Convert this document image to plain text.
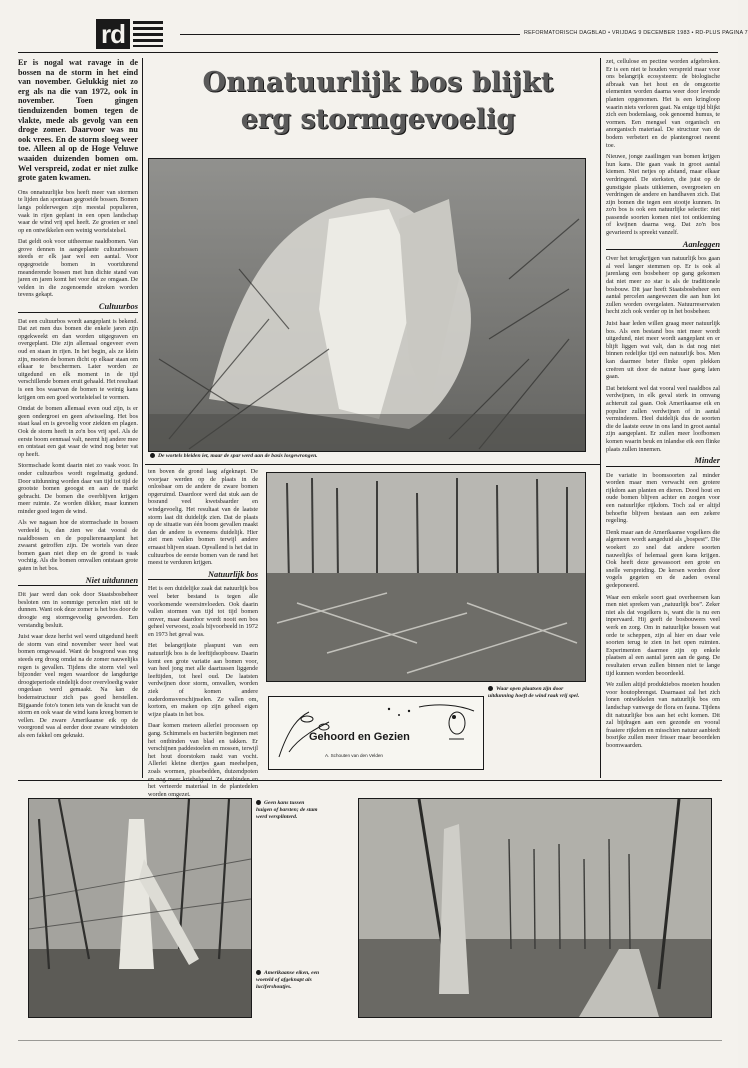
rd	REFORMATORISCH DAGBLAD • VRIJDAG 9 DECEMBER 1983 • RD-PLUS PAGINA 7
Er is nogal wat ravage in de bossen na de storm in het eind van november. Gelukkig niet zo erg als na die van 1972, ook in november. Toen gingen tienduizenden bomen tegen de vlakte, mede als gevolg van een droge zomer. Daarvoor was nu ook vrees. En de storm sloeg weer toe. Alleen al op de Hoge Veluwe waaiden duizenden bomen om. Wel verspreid, zodat er niet zulke grote gaten kwamen.

Ons onnatuurlijke bos heeft meer van stormen te lijden dan spontaan gegroeide bossen. Bomen langs polderwegen zijn meestal populieren, vaak in rijen geplant in een open landschap waar de wind vrij spel heeft. Ze groeien er snel op en ontwikkelen een weinig wortelstelsel.

Dat geldt ook voor uitheemse naaldbomen. Van grove dennen in aangeplante cultuurbossen steeds er elk jaar wel een aantal. Voor opgegroeide bomen in voortdurend meanderende bossen met hun dichte stand van jaren en jaren komt het voor dat ze omgaan. De velden in die zogenoemde streken worden tevens gekapt.

Cultuurbos

Dat een cultuurbos wordt aangeplant is bekend. Dat zet men dus bomen die enkele jaren zijn opgekweekt en dan worden uitgegraven en overgeplant. Die zijn allemaal ongeveer even oud en staan in rijen. In het begin, als ze klein zijn, moeten de bomen dicht op elkaar staan om elkaar te beschermen. Later worden ze uitgedund en elk moment in de tijd verschillende bomen eruit gehaald. Het resultaat is een bos waarvan de bomen te weinig kans krijgen om een goed wortelstelsel te vormen.

Omdat de bomen allemaal even oud zijn, is er geen ondergroei en geen afwisseling. Het bos staat kaal en is gevoelig voor ziekten en plagen. Ook de storm heeft in zo'n bos vrij spel. Als de eerste boom eenmaal valt, neemt hij andere mee en ontstaat een gat waar de wind nog beter vat op heeft.

Stormschade komt daarin niet zo vaak voor. In onder cultuurbos wordt regelmatig gedund. Door uitdunning worden daar van tijd tot tijd de grootste bomen geoogst en aan de markt gebracht. De bomen die overblijven krijgen meer ruimte. Ze worden dikker, maar kunnen minder goed tegen de wind.

Als we nagaan hoe de stormschade in bossen verdeeld is, dan zien we dat vooral de naaldbossen en de populierenaanplant het zwaarst getroffen zijn. De wortels van deze bomen gaan niet diep en de grond is vaak vochtig. Als die bomen omvallen ontstaan grote gaten in het bos.

Niet uitdunnen

Dit jaar werd dan ook door Staatsbosbeheer besloten om in sommige percelen niet uit te dunnen. Want ook deze zomer is het bos door de droogte erg stormgevoelig geworden. Een verstandig besluit.

Juist waar deze herfst wel werd uitgedund heeft de storm van eind november weer heel wat bomen omgewaaid. Want de bosgrond was nog steeds erg droog omdat na de zomer nauwelijks regen is gevallen. Tijdens die storm viel wel bijzonder veel regen waardoor de langdurige droogteperiode eindelijk door overvloedig water ongedaan werd gemaakt. Na kan de bodemstructuur zich pas goed herstellen. Bijgaande foto's tonen iets van de kracht van de storm en ook waar de wind kans kreeg bomen te vellen. De zware Amerikaanse eik op de voorgrond was al eerder door zware windstoten als een fakkel om geknakt.

Onnatuurlijk bos blijkt
erg stormgevoelig
De wortels bleiden iet, maar de spar werd aan de basis losgewrongen.

ten boven de grond laag afgeknapt. De voorjaar werden op de plaats in de onlosbaar om de andere de zware bomen opgeruimd. Daardoor werd dat stuk aan de bosrand veel kwetsbaarder en windgevoelig. Het resultaat van de laatste storm laat dit duidelijk zien. Dat de plaats op de situatie van één boom gevallen maakt dan de andere is eveneens duidelijk. Hier ziet men vallen bomen terwijl andere ernaast blijven staan. Opvallend is het dat in cultuurbos de eerste bomen van de rand het meest te verduren krijgen.

Natuurlijk bos

Het is een duidelijke zaak dat natuurlijk bos veel beter bestand is tegen alle voorkomende weersinvloeden. Ook daarin vallen stormen van tijd tot tijd bomen omver, maar daardoor wordt nooit een bos geheel verwoest, zoals bijvoorbeeld in 1972 en 1973 het geval was.

Het belangrijkste plaspunt van een natuurlijk bos is de leeftijdsopbouw. Daarin komt een grote variatie aan bomen voor, van heel jong met alle daartussen liggende leeftijden, tot heel oud. De laatsten verdwijnen door storm, omvallen, worden ziek of komen andere ouderdomsverschijnselen. Ze vallen om, kortom, en maken op zijn geheel eigen wijze plaats in het bos.

Daar komen meteen allerlei processen op gang. Schimmels en bacteriën beginnen met het ontbinden van blad en takken. Er verschijnen paddestoelen en mossen, terwijl het hout doorstoken raakt van vocht. Allerlei kleine diertjes gaan meehelpen, zoals wormen, pissebedden, duizendpoten en nog meer kriebelgoed. Ze ontbinden en het verteerde materiaal in de plantedelen worden omgezet.

Waar open plaatsen zijn door uitdunning hoeft de wind raak vrij spel.
Gehoord en Gezien
A. Schouten van den Velden

zet, cellulose en pectine worden afgebroken. Er is een niet te houden verspreid maar voor ons belangrijk ecosysteem: de biologische afbraak van het hout en de omgezette elementen worden daarna weer door levende planten opgenomen. Het is een kringloop waarin niets verloren gaat. Na enige tijd blijkt zich een bodemlaag, ook genoemd humus, te vormen. Een mengsel van organisch en anorganisch materiaal. De structuur van de bodem verbetert en de plantengroei neemt toe.

Nieuwe, jonge zaailingen van bomen krijgen hun kans. Die gaan vaak in groot aantal kiemen. Niet netjes op afstand, maar elkaar verdringend. De sterksten, die juist op de gunstigste plaats uitkiemen, overgroeien en verdringen de andere en handhaven zich. Dat zijn bomen die tegen een stootje kunnen. In zo'n bos is ook een natuurlijke selectie: niet passende soorten komen niet tot ontkieming of kwijnen daarna weg. Dat zo'n bos gevarieerd is spreekt vanzelf.

Aanleggen

Over het terugkrijgen van natuurlijk bos gaan al veel langer stemmen op. Er is ook al jarenlang een bosbeheer op gang gekomen dat niet meer zo star is als de traditionele bosbouw. Dit jaar heeft Staatsbosbeheer een aantal percelen aangewezen die aan hun lot zullen worden overgelaten. Natuurreservaten hecht zich ook verder op in het bosbeheer.

Juist haar leden willen graag meer natuurlijk bos. Als een bestand bos niet meer wordt uitgedund, niet meer wordt aangeplant en er blijft liggen wat valt, dan is dat nog niet binnen redelijke tijd een natuurlijk bos. Men kan daarmee beter flinke open plekken creëren uit door de natuur haar gang laten gaan.

Dat betekent wel dat vooral veel naaldbos zal verdwijnen, in elk geval sterk in omvang achteruit zal gaan. Ook Amerikaanse eik en populier zullen verdwijnen of in aantal verminderen. Heel duidelijk dus de soorten die de laatste eeuw in ons land in groot aantal zijn aangeplant. Er zullen meer loofbomen komen waarin beuk en inlandse eik een flinke plaats zullen innemen.

Minder

De variatie in boomsoorten zal minder worden maar men verwacht een grotere rijkdom aan planten en dieren. Dood hout en oude bomen blijven achter en zorgen voor een natuurlijke rijkdom. Toch zal er altijd behoefte blijven bestaan aan een zekere regeling.

Denk maar aan de Amerikaanse vogelkers die algemeen wordt aangeduid als „bospest”. Die woekert zo snel dat andere soorten nauwelijks of helemaal geen kans krijgen. Ook heeft deze gewassoort een grote en snelle verspreiding. De kersen worden door vogels gegeten en de zaden overal gedeponeerd.

Waar een enkele soort gaat overheersen kan men niet spreken van „natuurlijk bos”. Zeker niet als dat vogelkers is, want die is nu een inpervaard. Hij geeft de bosbouwers veel werk en zorg. Om in natuurlijke bossen wat orde te scheppen, zijn al hier en daar vele soorten terug te zien in het open ruimten. Experimenten daarmee zijn op enkele plaatsen al een aantal jaren aan de gang. De resultaten ervan zullen binnen niet te lange tijd kunnen worden beoordeeld.

We zullen altijd produktiebos moeten houden voor houtopbrengst. Daarnaast zal het zich lonen ontwikkelen van natuurlijk bos om landschap vanwege de flora en fauna. Tijdens dit natuurlijke bos aan het echt komen. Dit zal bijdragen aan een gezonde en vooral fraaiere rijkdom en misschien natuur aanbiedt bosrijke zullen meer frisser maar beoordelen boomwaarden.

Geen kans tussen huigen of barsten; de stam werd versplinterd.
Amerikaanse eiken, een woeteld of afgeknapt als lucifershoutjes.
